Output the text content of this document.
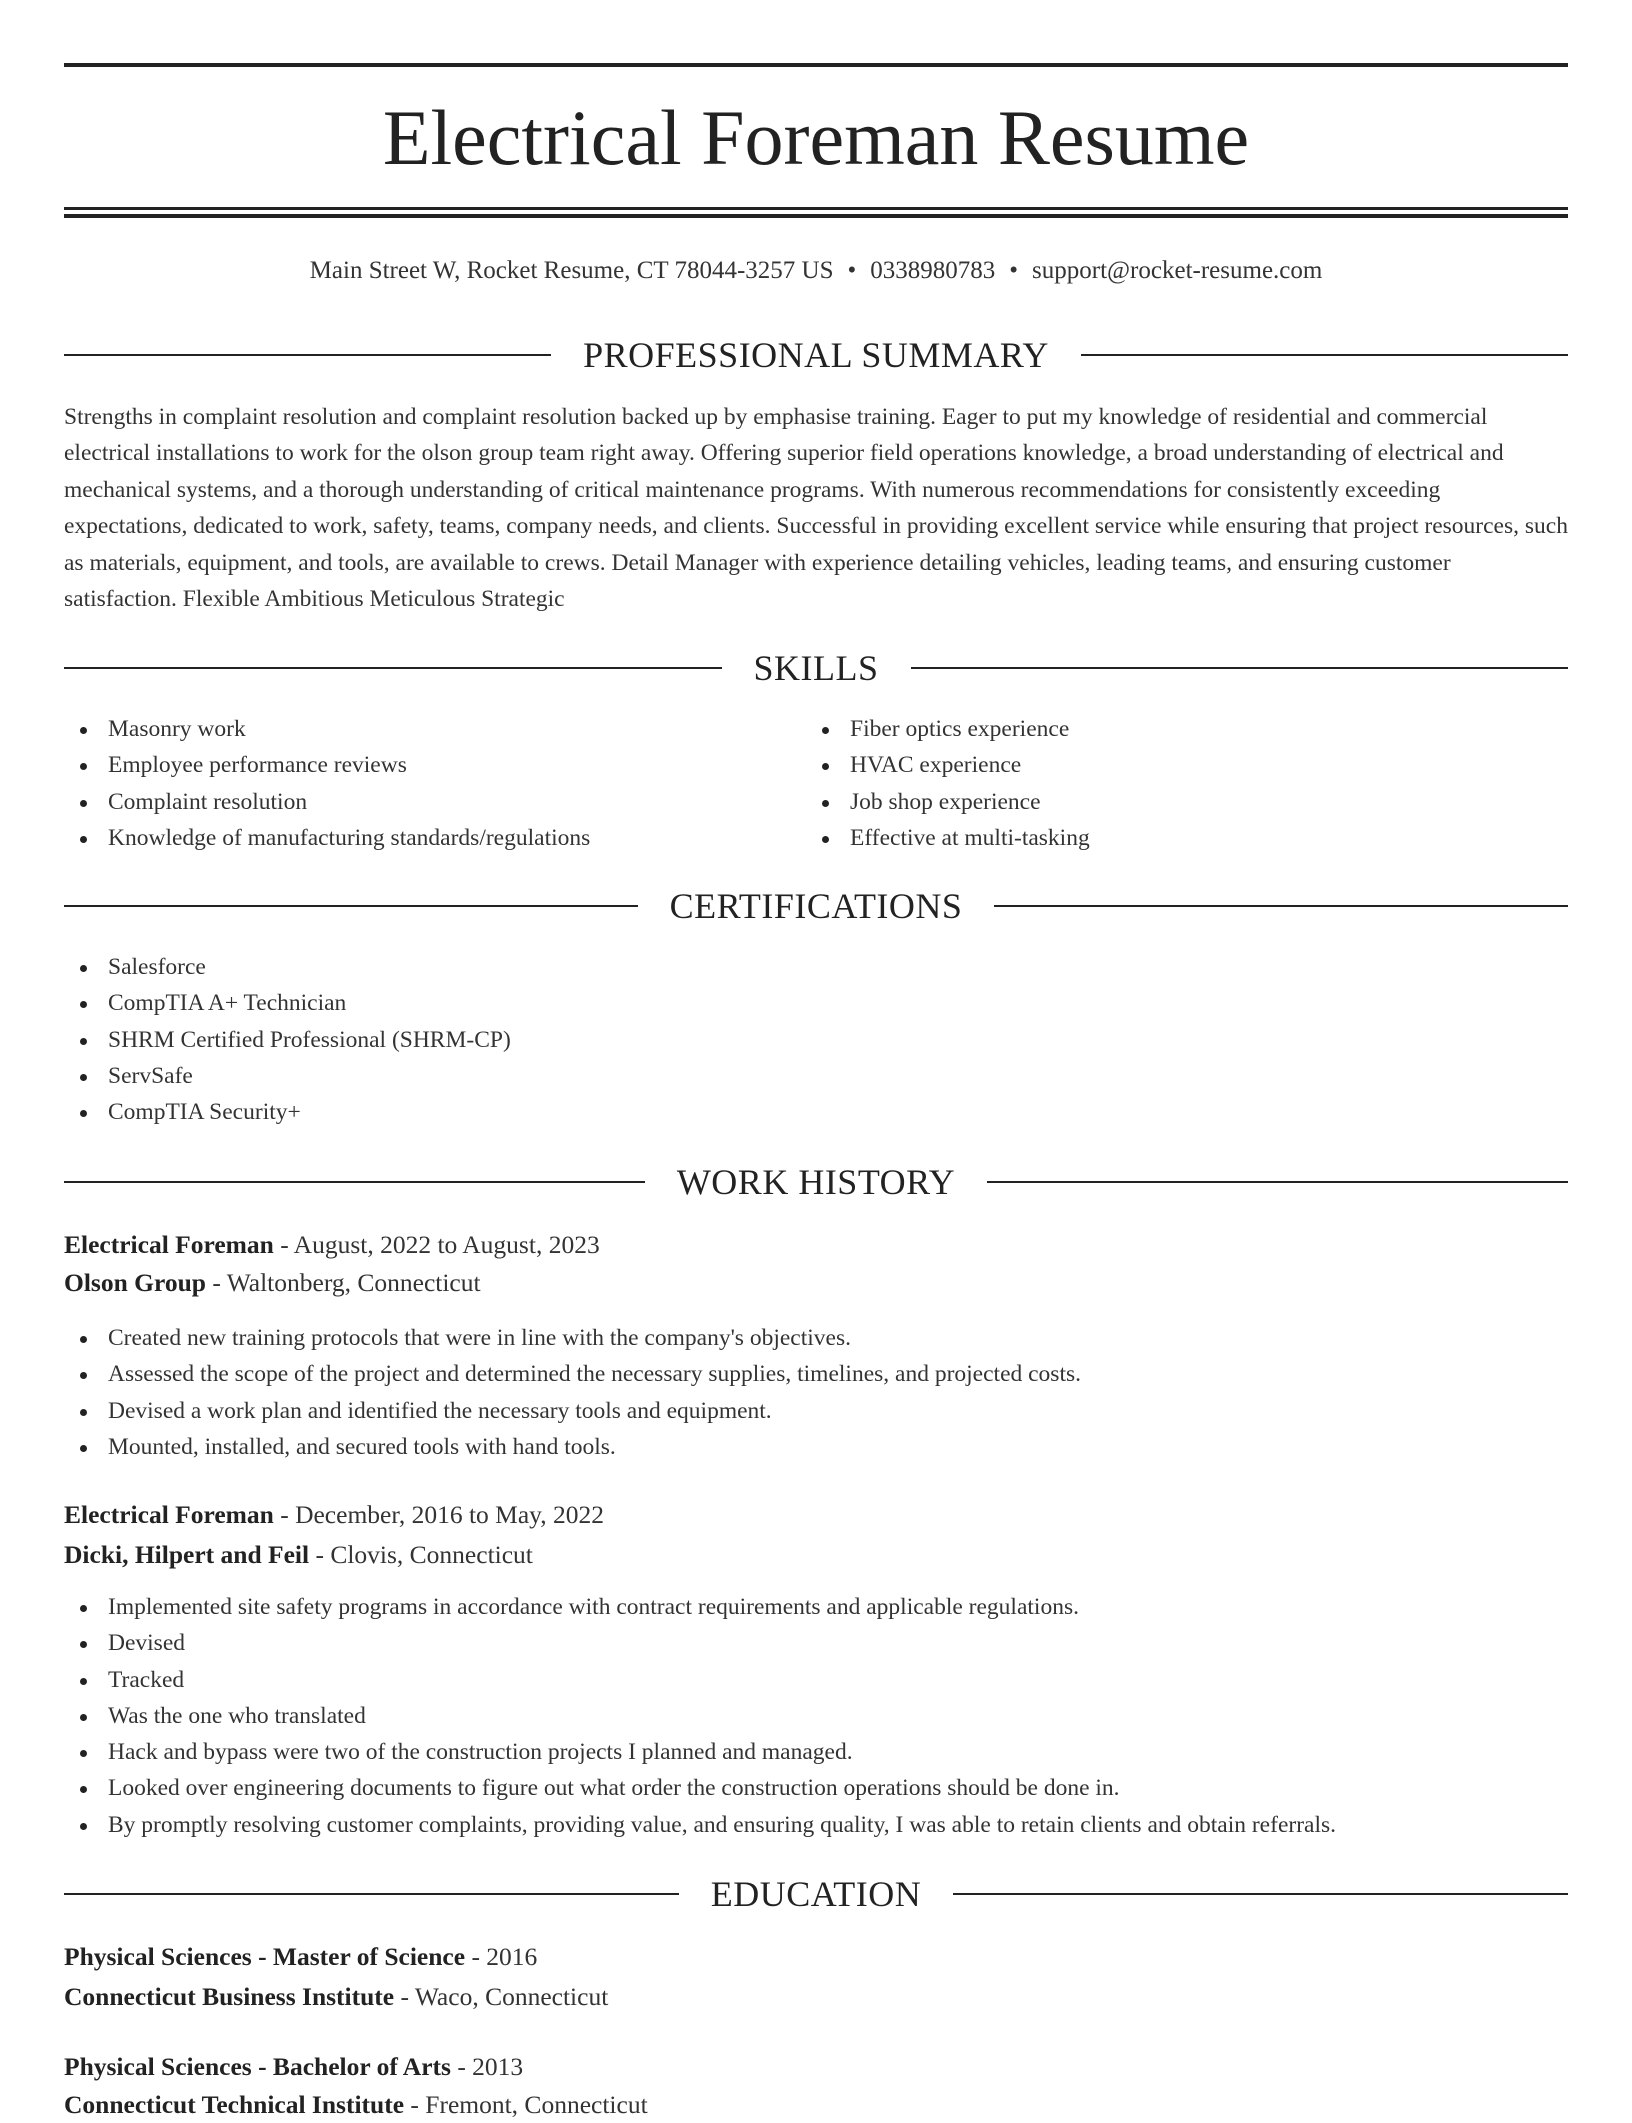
Electrical Foreman Resume
Main Street W, Rocket Resume, CT 78044-3257 US • 0338980783 • support@rocket-resume.com
PROFESSIONAL SUMMARY

Strengths in complaint resolution and complaint resolution backed up by emphasise training. Eager to put my knowledge of residential and commercial electrical installations to work for the olson group team right away. Offering superior field operations knowledge, a broad understanding of electrical and mechanical systems, and a thorough understanding of critical maintenance programs. With numerous recommendations for consistently exceeding expectations, dedicated to work, safety, teams, company needs, and clients. Successful in providing excellent service while ensuring that project resources, such as materials, equipment, and tools, are available to crews. Detail Manager with experience detailing vehicles, leading teams, and ensuring customer satisfaction. Flexible Ambitious Meticulous Strategic

SKILLS
Masonry work
Employee performance reviews
Complaint resolution
Knowledge of manufacturing standards/regulations
Fiber optics experience
HVAC experience
Job shop experience
Effective at multi-tasking
CERTIFICATIONS
Salesforce
CompTIA A+ Technician
SHRM Certified Professional (SHRM-CP)
ServSafe
CompTIA Security+
WORK HISTORY
Electrical Foreman - August, 2022 to August, 2023
Olson Group - Waltonberg, Connecticut
Created new training protocols that were in line with the company's objectives.
Assessed the scope of the project and determined the necessary supplies, timelines, and projected costs.
Devised a work plan and identified the necessary tools and equipment.
Mounted, installed, and secured tools with hand tools.
Electrical Foreman - December, 2016 to May, 2022
Dicki, Hilpert and Feil - Clovis, Connecticut
Implemented site safety programs in accordance with contract requirements and applicable regulations.
Devised
Tracked
Was the one who translated
Hack and bypass were two of the construction projects I planned and managed.
Looked over engineering documents to figure out what order the construction operations should be done in.
By promptly resolving customer complaints, providing value, and ensuring quality, I was able to retain clients and obtain referrals.
EDUCATION
Physical Sciences - Master of Science - 2016
Connecticut Business Institute - Waco, Connecticut
Physical Sciences - Bachelor of Arts - 2013
Connecticut Technical Institute - Fremont, Connecticut
